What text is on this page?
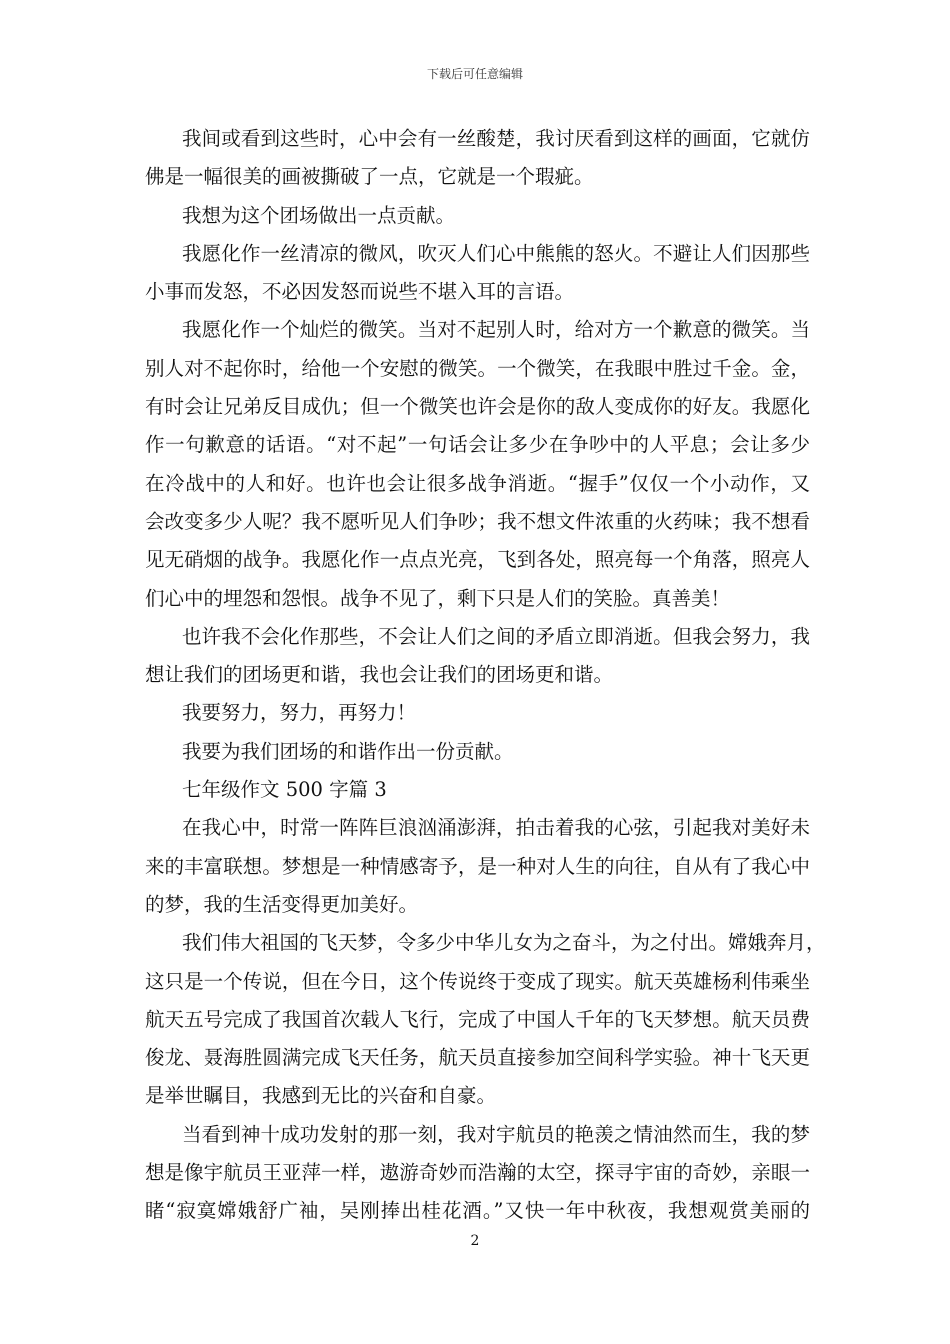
下载后可任意编辑
我间或看到这些时，心中会有一丝酸楚，我讨厌看到这样的画面，它就仿
佛是一幅很美的画被撕破了一点，它就是一个瑕疵。
我想为这个团场做出一点贡献。
我愿化作一丝清凉的微风，吹灭人们心中熊熊的怒火。不避让人们因那些
小事而发怒，不必因发怒而说些不堪入耳的言语。
我愿化作一个灿烂的微笑。当对不起别人时，给对方一个歉意的微笑。当
别人对不起你时，给他一个安慰的微笑。一个微笑，在我眼中胜过千金。金，
有时会让兄弟反目成仇；但一个微笑也许会是你的敌人变成你的好友。我愿化
作一句歉意的话语。“对不起”一句话会让多少在争吵中的人平息；会让多少
在冷战中的人和好。也许也会让很多战争消逝。“握手”仅仅一个小动作，又
会改变多少人呢？我不愿听见人们争吵；我不想文件浓重的火药味；我不想看
见无硝烟的战争。我愿化作一点点光亮，飞到各处，照亮每一个角落，照亮人
们心中的埋怨和怨恨。战争不见了，剩下只是人们的笑脸。真善美！
也许我不会化作那些，不会让人们之间的矛盾立即消逝。但我会努力，我
想让我们的团场更和谐，我也会让我们的团场更和谐。
我要努力，努力，再努力！
我要为我们团场的和谐作出一份贡献。
七年级作文 500 字篇 3
在我心中，时常一阵阵巨浪汹涌澎湃，拍击着我的心弦，引起我对美好未
来的丰富联想。梦想是一种情感寄予，是一种对人生的向往，自从有了我心中
的梦，我的生活变得更加美好。
我们伟大祖国的飞天梦，令多少中华儿女为之奋斗，为之付出。嫦娥奔月，
这只是一个传说，但在今日，这个传说终于变成了现实。航天英雄杨利伟乘坐
航天五号完成了我国首次载人飞行，完成了中国人千年的飞天梦想。航天员费
俊龙、聂海胜圆满完成飞天任务，航天员直接参加空间科学实验。神十飞天更
是举世瞩目，我感到无比的兴奋和自豪。
当看到神十成功发射的那一刻，我对宇航员的艳羡之情油然而生，我的梦
想是像宇航员王亚萍一样，遨游奇妙而浩瀚的太空，探寻宇宙的奇妙，亲眼一
睹“寂寞嫦娥舒广袖，吴刚捧出桂花酒。”又快一年中秋夜，我想观赏美丽的
2
